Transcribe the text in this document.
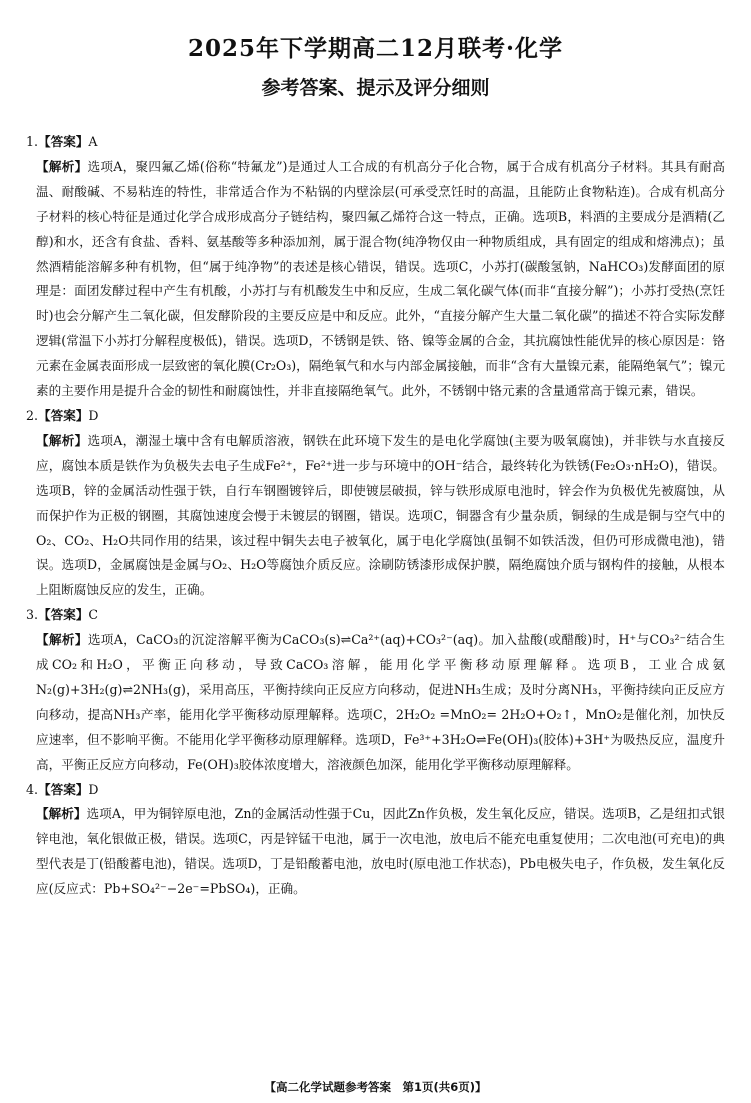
2025年下学期高二12月联考·化学
参考答案、提示及评分细则

1.【答案】A

【解析】选项A，聚四氟乙烯(俗称“特氟龙”)是通过人工合成的有机高分子化合物，属于合成有机高分子材料。其具有耐高温、耐酸碱、不易粘连的特性，非常适合作为不粘锅的内壁涂层(可承受烹饪时的高温，且能防止食物粘连)。合成有机高分子材料的核心特征是通过化学合成形成高分子链结构，聚四氟乙烯符合这一特点，正确。选项B，料酒的主要成分是酒精(乙醇)和水，还含有食盐、香料、氨基酸等多种添加剂，属于混合物(纯净物仅由一种物质组成，具有固定的组成和熔沸点)；虽然酒精能溶解多种有机物，但“属于纯净物”的表述是核心错误，错误。选项C，小苏打(碳酸氢钠，NaHCO₃)发酵面团的原理是：面团发酵过程中产生有机酸，小苏打与有机酸发生中和反应，生成二氧化碳气体(而非“直接分解”)；小苏打受热(烹饪时)也会分解产生二氧化碳，但发酵阶段的主要反应是中和反应。此外，“直接分解产生大量二氧化碳”的描述不符合实际发酵逻辑(常温下小苏打分解程度极低)，错误。选项D，不锈钢是铁、铬、镍等金属的合金，其抗腐蚀性能优异的核心原因是：铬元素在金属表面形成一层致密的氧化膜(Cr₂O₃)，隔绝氧气和水与内部金属接触，而非“含有大量镍元素，能隔绝氧气”；镍元素的主要作用是提升合金的韧性和耐腐蚀性，并非直接隔绝氧气。此外，不锈钢中铬元素的含量通常高于镍元素，错误。

2.【答案】D

【解析】选项A，潮湿土壤中含有电解质溶液，钢铁在此环境下发生的是电化学腐蚀(主要为吸氧腐蚀)，并非铁与水直接反应，腐蚀本质是铁作为负极失去电子生成Fe²⁺，Fe²⁺进一步与环境中的OH⁻结合，最终转化为铁锈(Fe₂O₃·nH₂O)，错误。选项B，锌的金属活动性强于铁，自行车钢圈镀锌后，即使镀层破损，锌与铁形成原电池时，锌会作为负极优先被腐蚀，从而保护作为正极的钢圈，其腐蚀速度会慢于未镀层的钢圈，错误。选项C，铜器含有少量杂质，铜绿的生成是铜与空气中的O₂、CO₂、H₂O共同作用的结果，该过程中铜失去电子被氧化，属于电化学腐蚀(虽铜不如铁活泼，但仍可形成微电池)，错误。选项D，金属腐蚀是金属与O₂、H₂O等腐蚀介质反应。涂刷防锈漆形成保护膜，隔绝腐蚀介质与钢构件的接触，从根本上阻断腐蚀反应的发生，正确。

3.【答案】C

【解析】选项A，CaCO₃的沉淀溶解平衡为CaCO₃(s)⇌Ca²⁺(aq)+CO₃²⁻(aq)。加入盐酸(或醋酸)时，H⁺与CO₃²⁻结合生成CO₂和H₂O，平衡正向移动，导致CaCO₃溶解，能用化学平衡移动原理解释。选项B，工业合成氨N₂(g)+3H₂(g)⇌2NH₃(g)，采用高压，平衡持续向正反应方向移动，促进NH₃生成；及时分离NH₃，平衡持续向正反应方向移动，提高NH₃产率，能用化学平衡移动原理解释。选项C，2H₂O₂ =MnO₂= 2H₂O+O₂↑，MnO₂是催化剂，加快反应速率，但不影响平衡。不能用化学平衡移动原理解释。选项D，Fe³⁺+3H₂O⇌Fe(OH)₃(胶体)+3H⁺为吸热反应，温度升高，平衡正反应方向移动，Fe(OH)₃胶体浓度增大，溶液颜色加深，能用化学平衡移动原理解释。

4.【答案】D

【解析】选项A，甲为铜锌原电池，Zn的金属活动性强于Cu，因此Zn作负极，发生氧化反应，错误。选项B，乙是纽扣式银锌电池，氧化银做正极，错误。选项C，丙是锌锰干电池，属于一次电池，放电后不能充电重复使用；二次电池(可充电)的典型代表是丁(铅酸蓄电池)，错误。选项D，丁是铅酸蓄电池，放电时(原电池工作状态)，Pb电极失电子，作负极，发生氧化反应(反应式：Pb+SO₄²⁻−2e⁻=PbSO₄)，正确。

【高二化学试题参考答案　第1页(共6页)】
